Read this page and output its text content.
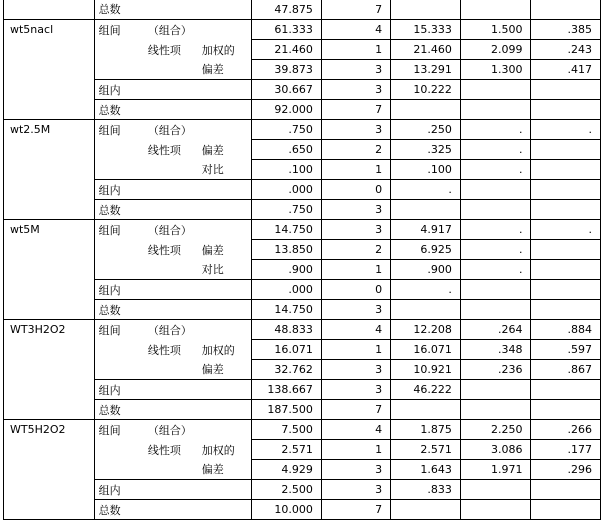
	总数			47.875	7			
wt5nacl	组间	（组合）		61.333	4	15.333	1.500	.385
		线性项	加权的	21.460	1	21.460	2.099	.243
			偏差	39.873	3	13.291	1.300	.417
	组内			30.667	3	10.222		
	总数			92.000	7			
wt2.5M	组间	（组合）		.750	3	.250	.	.
		线性项	偏差	.650	2	.325	.	
			对比	.100	1	.100	.	
	组内			.000	0	.		
	总数			.750	3			
wt5M	组间	（组合）		14.750	3	4.917	.	.
		线性项	偏差	13.850	2	6.925	.	
			对比	.900	1	.900	.	
	组内			.000	0	.		
	总数			14.750	3			
WT3H2O2	组间	（组合）		48.833	4	12.208	.264	.884
		线性项	加权的	16.071	1	16.071	.348	.597
			偏差	32.762	3	10.921	.236	.867
	组内			138.667	3	46.222		
	总数			187.500	7			
WT5H2O2	组间	（组合）		7.500	4	1.875	2.250	.266
		线性项	加权的	2.571	1	2.571	3.086	.177
			偏差	4.929	3	1.643	1.971	.296
	组内			2.500	3	.833		
	总数			10.000	7			
